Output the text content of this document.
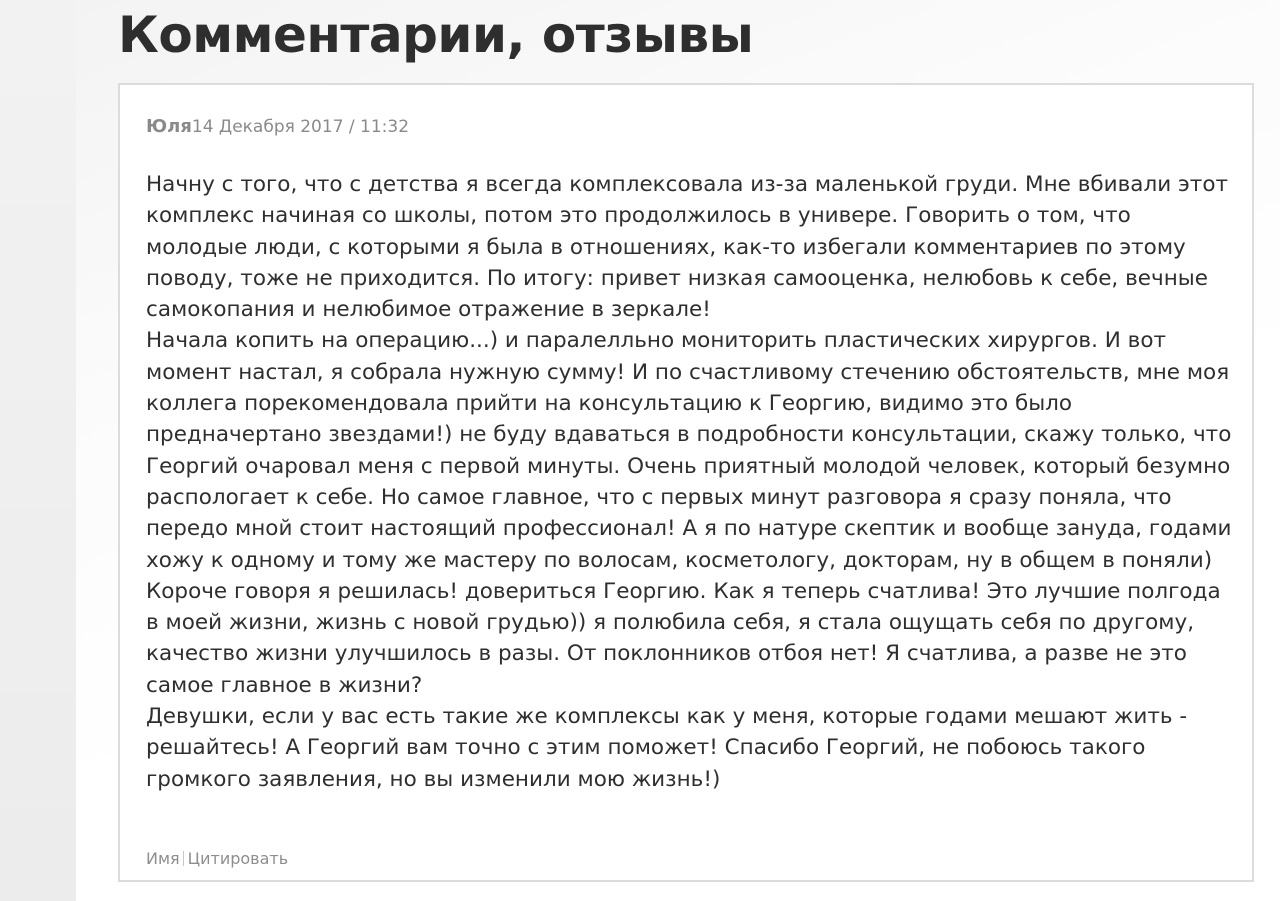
Комментарии, отзывы
Юля14 Декабря 2017 / 11:32

Начну с того, что с детства я всегда комплексовала из-за маленькой груди. Мне вбивали этот комплекс начиная со школы, потом это продолжилось в универе. Говорить о том, что молодые люди, с которыми я была в отношениях, как-то избегали комментариев по этому поводу, тоже не приходится. По итогу: привет низкая самооценка, нелюбовь к себе, вечные самокопания и нелюбимое отражение в зеркале!

Начала копить на операцию...) и паралелльно мониторить пластических хирургов. И вот момент настал, я собрала нужную сумму! И по счастливому стечению обстоятельств, мне моя коллега порекомендовала прийти на консультацию к Георгию, видимо это было предначертано звездами!) не буду вдаваться в подробности консультации, скажу только, что Георгий очаровал меня с первой минуты. Очень приятный молодой человек, который безумно распологает к себе. Но самое главное, что с первых минут разговора я сразу поняла, что передо мной стоит настоящий профессионал! А я по натуре скептик и вообще зануда, годами хожу к одному и тому же мастеру по волосам, косметологу, докторам, ну в общем в поняли)

Короче говоря я решилась! довериться Георгию. Как я теперь счатлива! Это лучшие полгода в моей жизни, жизнь с новой грудью)) я полюбила себя, я стала ощущать себя по другому, качество жизни улучшилось в разы. От поклонников отбоя нет! Я счатлива, а разве не это самое главное в жизни?

Девушки, если у вас есть такие же комплексы как у меня, которые годами мешают жить - решайтесь! А Георгий вам точно с этим поможет! Спасибо Георгий, не побоюсь такого громкого заявления, но вы изменили мою жизнь!)

Имя Цитировать
